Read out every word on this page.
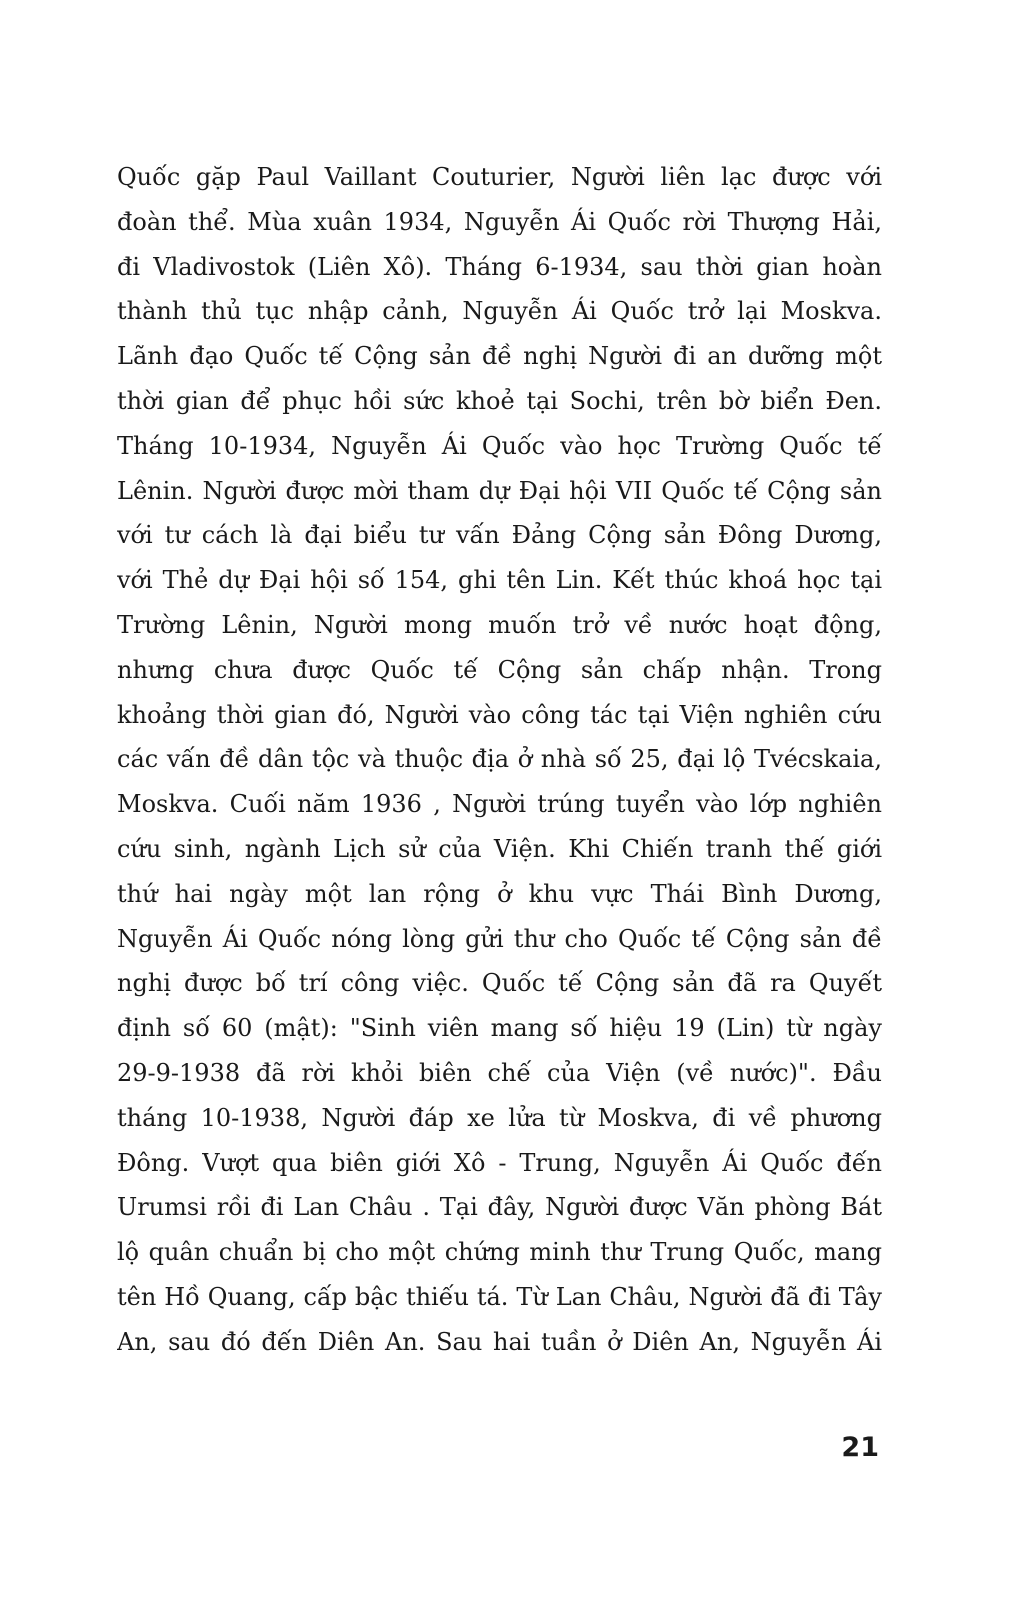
Quốc gặp Paul Vaillant Couturier, Người liên lạc được với
đoàn thể. Mùa xuân 1934, Nguyễn Ái Quốc rời Thượng Hải,
đi Vladivostok (Liên Xô). Tháng 6-1934, sau thời gian hoàn
thành thủ tục nhập cảnh, Nguyễn Ái Quốc trở lại Moskva.
Lãnh đạo Quốc tế Cộng sản đề nghị Người đi an dưỡng một
thời gian để phục hồi sức khoẻ tại Sochi, trên bờ biển Đen.
Tháng 10-1934, Nguyễn Ái Quốc vào học Trường Quốc tế
Lênin. Người được mời tham dự Đại hội VII Quốc tế Cộng sản
với tư cách là đại biểu tư vấn Đảng Cộng sản Đông Dương,
với Thẻ dự Đại hội số 154, ghi tên Lin. Kết thúc khoá học tại
Trường Lênin, Người mong muốn trở về nước hoạt động,
nhưng chưa được Quốc tế Cộng sản chấp nhận. Trong
khoảng thời gian đó, Người vào công tác tại Viện nghiên cứu
các vấn đề dân tộc và thuộc địa ở nhà số 25, đại lộ Tvécskaia,
Moskva. Cuối năm 1936 , Người trúng tuyển vào lớp nghiên
cứu sinh, ngành Lịch sử của Viện. Khi Chiến tranh thế giới
thứ hai ngày một lan rộng ở khu vực Thái Bình Dương,
Nguyễn Ái Quốc nóng lòng gửi thư cho Quốc tế Cộng sản đề
nghị được bố trí công việc. Quốc tế Cộng sản đã ra Quyết
định số 60 (mật): "Sinh viên mang số hiệu 19 (Lin) từ ngày
29-9-1938 đã rời khỏi biên chế của Viện (về nước)". Đầu
tháng 10-1938, Người đáp xe lửa từ Moskva, đi về phương
Đông. Vượt qua biên giới Xô - Trung, Nguyễn Ái Quốc đến
Urumsi rồi đi Lan Châu . Tại đây, Người được Văn phòng Bát
lộ quân chuẩn bị cho một chứng minh thư Trung Quốc, mang
tên Hồ Quang, cấp bậc thiếu tá. Từ Lan Châu, Người đã đi Tây
An, sau đó đến Diên An. Sau hai tuần ở Diên An, Nguyễn Ái
21
